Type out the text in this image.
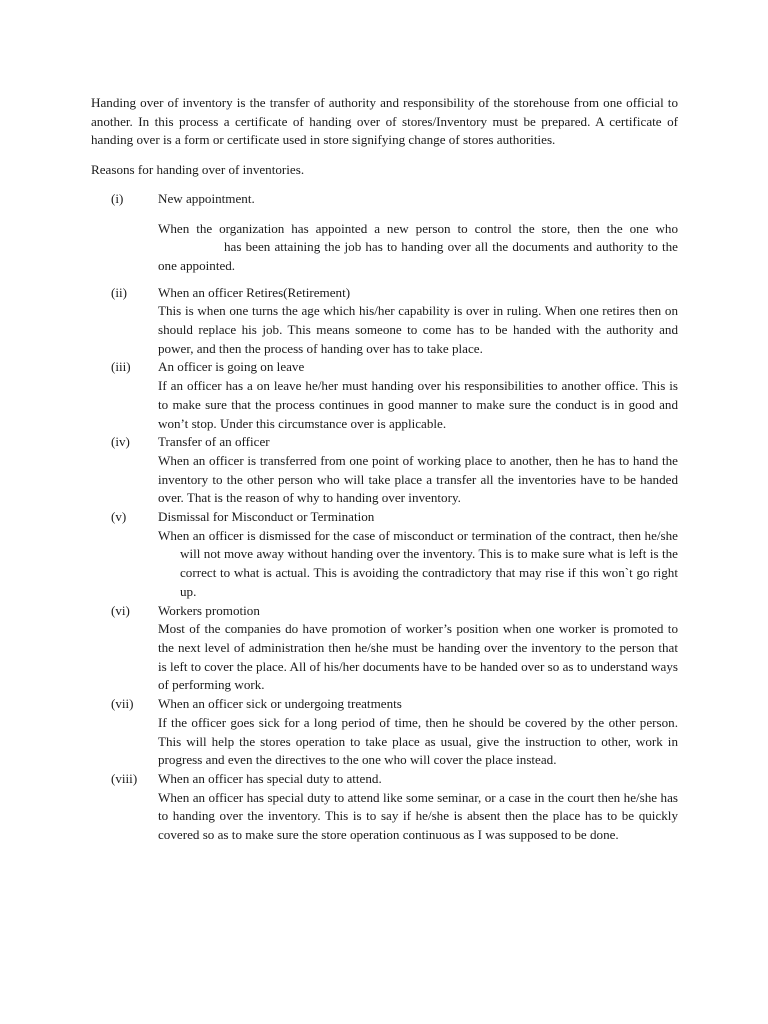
Handing over of inventory is the transfer of authority and responsibility of the storehouse from one official to another. In this process a certificate of handing over of stores/Inventory must be prepared. A certificate of handing over is a form or certificate used in store signifying change of stores authorities.

Reasons for handing over of inventories.

(i)	New appointment.

When the organization has appointed a new person to control the store, then the one whohas been attaining the job has to handing over all the documents and authority to the one appointed.

(ii) When an officer Retires(Retirement)

This is when one turns the age which his/her capability is over in ruling. When one retires then on should replace his job. This means someone to come has to be handed with the authority and power, and then the process of handing over has to take place.

(iii) An officer is going on leave

If an officer has a on leave he/her must handing over his responsibilities to another office. This is to make sure that the process continues in good manner to make sure the conduct is in good and won’t stop. Under this circumstance over is applicable.

(iv) Transfer of an officer

When an officer is transferred from one point of working place to another, then he has to hand the inventory to the other person who will take place a transfer all the inventories have to be handed over. That is the reason of why to handing over inventory.

(v) Dismissal for Misconduct or Termination

When an officer is dismissed for the case of misconduct or termination of the contract, then he/she will not move away without handing over the inventory. This is to make sure what is left is the correct to what is actual. This is avoiding the contradictory that may rise if this won`t go right up.

(vi) Workers promotion

Most of the companies do have promotion of worker’s position when one worker is promoted to the next level of administration then he/she must be handing over the inventory to the person that is left to cover the place. All of his/her documents have to be handed over so as to understand ways of performing work.

(vii) When an officer sick or undergoing treatments

If the officer goes sick for a long period of time, then he should be covered by the other person. This will help the stores operation to take place as usual, give the instruction to other, work in progress and even the directives to the one who will cover the place instead.

(viii) When an officer has special duty to attend.

When an officer has special duty to attend like some seminar, or a case in the court then he/she has to handing over the inventory. This is to say if he/she is absent then the place has to be quickly covered so as to make sure the store operation continuous as I was supposed to be done.
